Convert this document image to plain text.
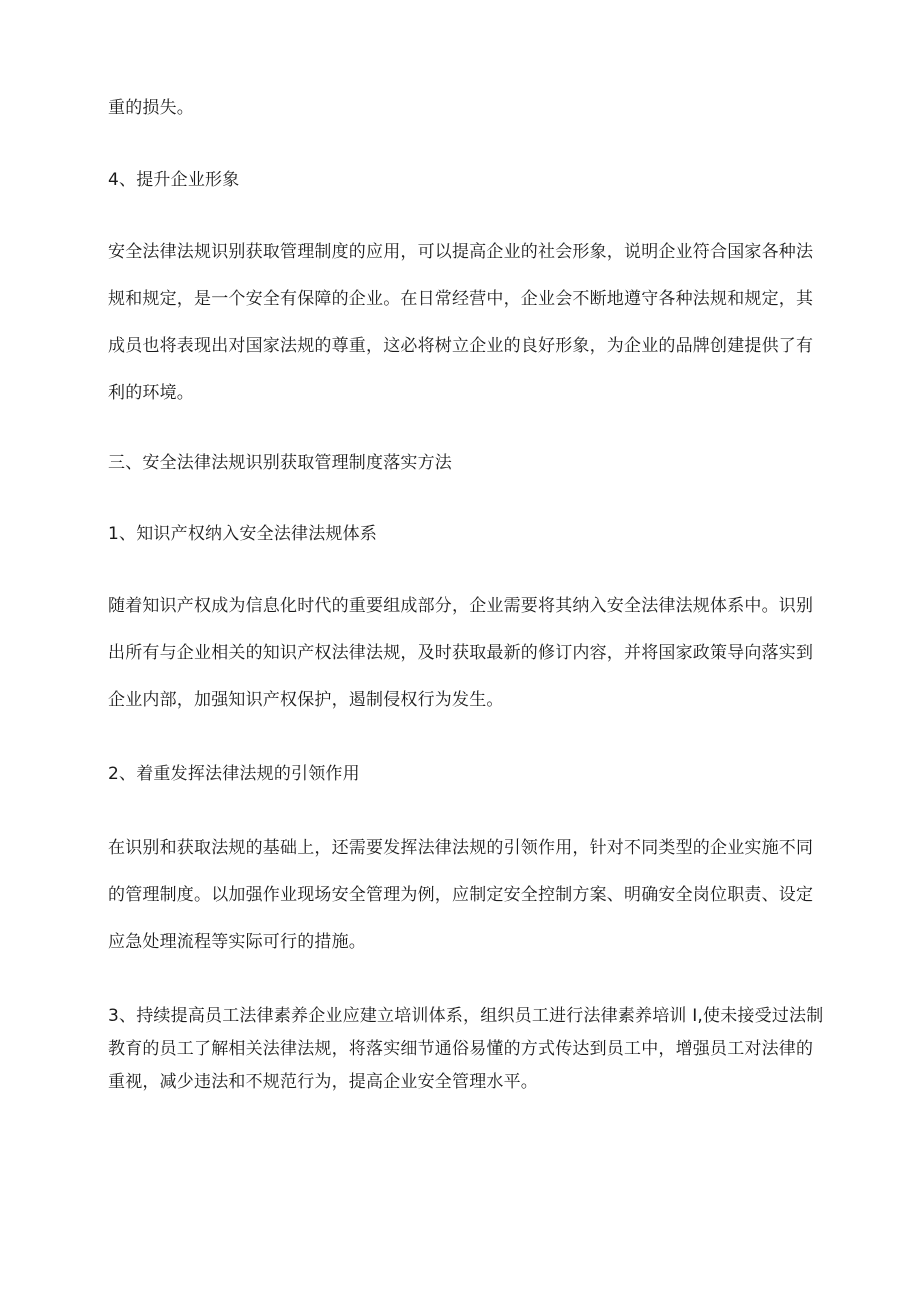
重的损失。
4、提升企业形象
安全法律法规识别获取管理制度的应用，可以提高企业的社会形象，说明企业符合国家各种法
规和规定，是一个安全有保障的企业。在日常经营中，企业会不断地遵守各种法规和规定，其
成员也将表现出对国家法规的尊重，这必将树立企业的良好形象，为企业的品牌创建提供了有
利的环境。
三、安全法律法规识别获取管理制度落实方法
1、知识产权纳入安全法律法规体系
随着知识产权成为信息化时代的重要组成部分，企业需要将其纳入安全法律法规体系中。识别
出所有与企业相关的知识产权法律法规，及时获取最新的修订内容，并将国家政策导向落实到
企业内部，加强知识产权保护，遏制侵权行为发生。
2、着重发挥法律法规的引领作用
在识别和获取法规的基础上，还需要发挥法律法规的引领作用，针对不同类型的企业实施不同
的管理制度。以加强作业现场安全管理为例，应制定安全控制方案、明确安全岗位职责、设定
应急处理流程等实际可行的措施。
3、持续提高员工法律素养企业应建立培训体系，组织员工进行法律素养培训 I,使未接受过法制
教育的员工了解相关法律法规，将落实细节通俗易懂的方式传达到员工中，增强员工对法律的
重视，减少违法和不规范行为，提高企业安全管理水平。
